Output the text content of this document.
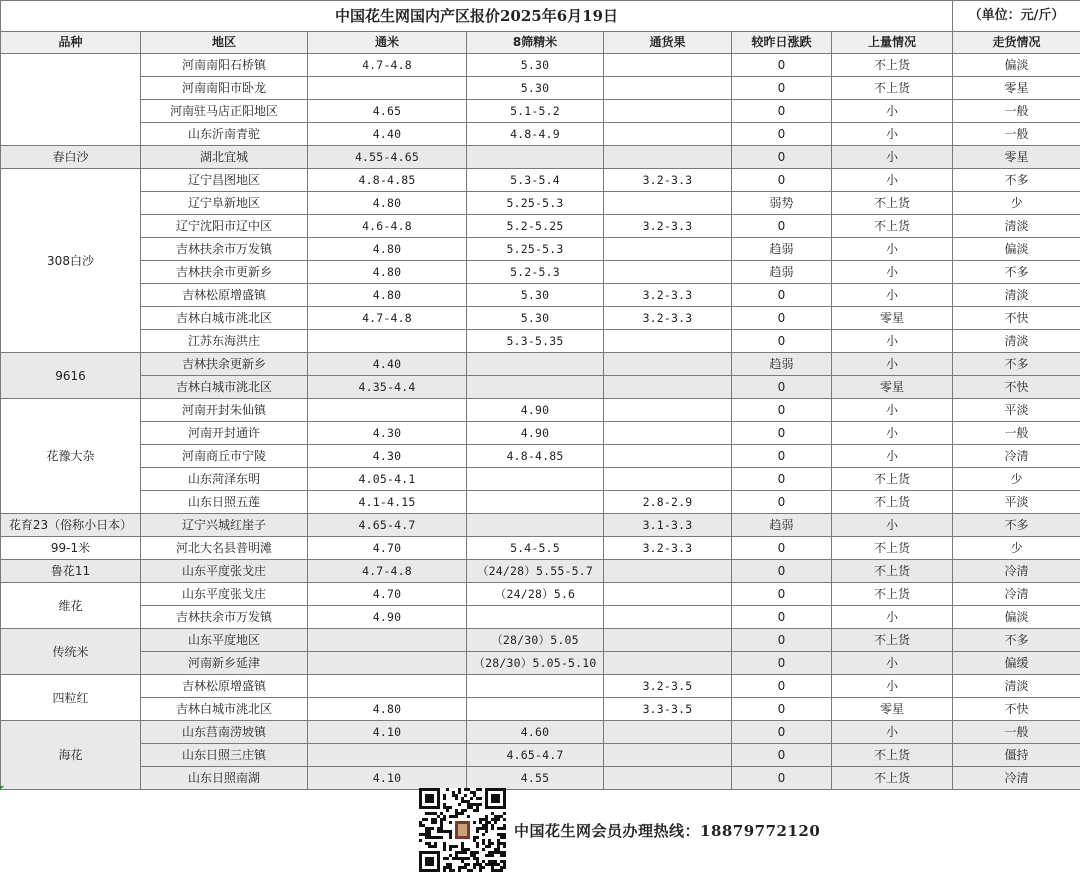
中国花生网国内产区报价2025年6月19日							（单位：元/斤）
品种	地区	通米	8筛精米	通货果	较昨日涨跌	上量情况	走货情况
	河南南阳石桥镇	4.7-4.8	5.30		0	不上货	偏淡
	河南南阳市卧龙		5.30		0	不上货	零星
	河南驻马店正阳地区	4.65	5.1-5.2		0	小	一般
	山东沂南青驼	4.40	4.8-4.9		0	小	一般
春白沙	湖北宜城	4.55-4.65			0	小	零星
308白沙	辽宁昌图地区	4.8-4.85	5.3-5.4	3.2-3.3	0	小	不多
	辽宁阜新地区	4.80	5.25-5.3		弱势	不上货	少
	辽宁沈阳市辽中区	4.6-4.8	5.2-5.25	3.2-3.3	0	不上货	清淡
	吉林扶余市万发镇	4.80	5.25-5.3		趋弱	小	偏淡
	吉林扶余市更新乡	4.80	5.2-5.3		趋弱	小	不多
	吉林松原增盛镇	4.80	5.30	3.2-3.3	0	小	清淡
	吉林白城市洮北区	4.7-4.8	5.30	3.2-3.3	0	零星	不快
	江苏东海洪庄		5.3-5.35		0	小	清淡
9616	吉林扶余更新乡	4.40			趋弱	小	不多
	吉林白城市洮北区	4.35-4.4			0	零星	不快
花豫大杂	河南开封朱仙镇		4.90		0	小	平淡
	河南开封通许	4.30	4.90		0	小	一般
	河南商丘市宁陵	4.30	4.8-4.85		0	小	冷清
	山东菏泽东明	4.05-4.1			0	不上货	少
	山东日照五莲	4.1-4.15		2.8-2.9	0	不上货	平淡
花育23（俗称小日本）	辽宁兴城红崖子	4.65-4.7		3.1-3.3	趋弱	小	不多
99-1米	河北大名县普明滩	4.70	5.4-5.5	3.2-3.3	0	不上货	少
鲁花11	山东平度张戈庄	4.7-4.8	（24/28）5.55-5.7		0	不上货	冷清
维花	山东平度张戈庄	4.70	（24/28）5.6		0	不上货	冷清
	吉林扶余市万发镇	4.90			0	小	偏淡
传统米	山东平度地区		（28/30）5.05		0	不上货	不多
	河南新乡延津		（28/30）5.05-5.10		0	小	偏缓
四粒红	吉林松原增盛镇			3.2-3.5	0	小	清淡
	吉林白城市洮北区	4.80		3.3-3.5	0	零星	不快
海花	山东莒南涝坡镇	4.10	4.60		0	小	一般
	山东日照三庄镇		4.65-4.7		0	不上货	僵持
	山东日照南湖	4.10	4.55		0	不上货	冷清
中国花生网会员办理热线：18879772120
